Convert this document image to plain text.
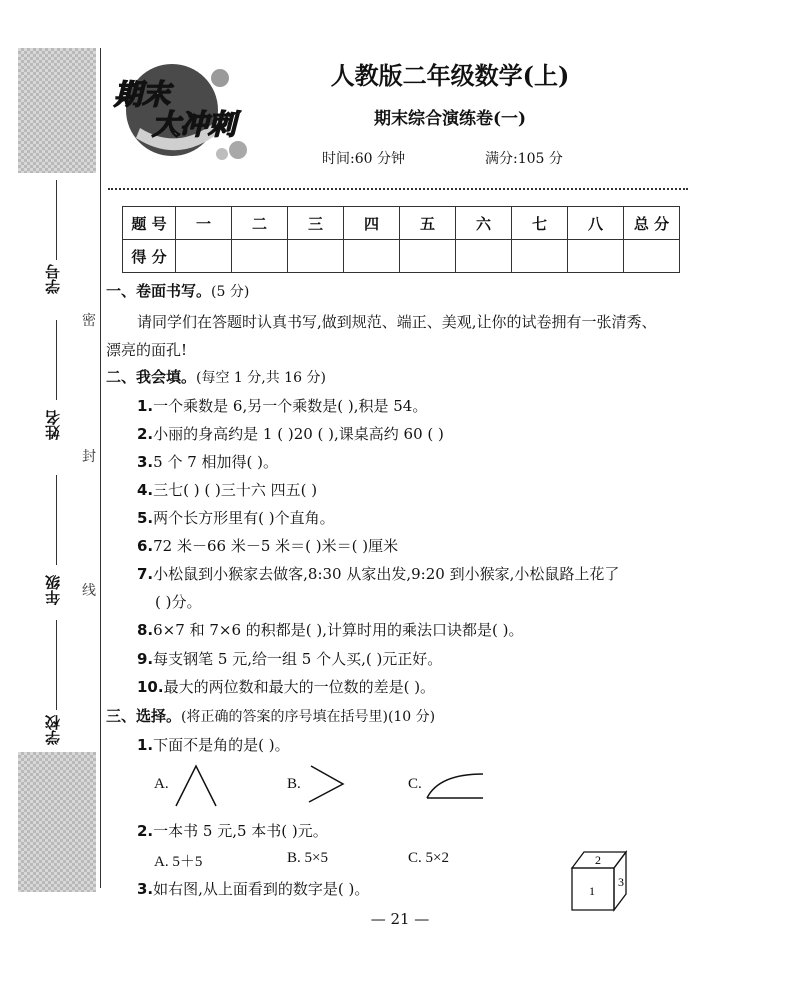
学号
姓名
年级
学校
密
封
线
期末
大冲刺
人教版二年级数学(上)
期末综合演练卷(一)
时间:60 分钟	满分:105 分
题 号	一	二	三	四	五	六	七	八	总 分
得 分									
一、卷面书写。(5 分)
请同学们在答题时认真书写,做到规范、端正、美观,让你的试卷拥有一张清秀、
漂亮的面孔!
二、我会填。(每空 1 分,共 16 分)
1.一个乘数是 6,另一个乘数是( ),积是 54。
2.小丽的身高约是 1 ( )20 ( ),课桌高约 60 ( )
3.5 个 7 相加得( )。
4.三七( ) ( )三十六 四五( )
5.两个长方形里有( )个直角。
6.72 米－66 米－5 米＝( )米＝( )厘米
7.小松鼠到小猴家去做客,8:30 从家出发,9:20 到小猴家,小松鼠路上花了
( )分。
8.6×7 和 7×6 的积都是( ),计算时用的乘法口诀都是( )。
9.每支钢笔 5 元,给一组 5 个人买,( )元正好。
10.最大的两位数和最大的一位数的差是( )。
三、选择。(将正确的答案的序号填在括号里)(10 分)
1.下面不是角的是( )。
A.	B.	C.
2.一本书 5 元,5 本书( )元。
A. 5＋5	B. 5×5	C. 5×2
3.如右图,从上面看到的数字是( )。
2
1
3
— 21 —
